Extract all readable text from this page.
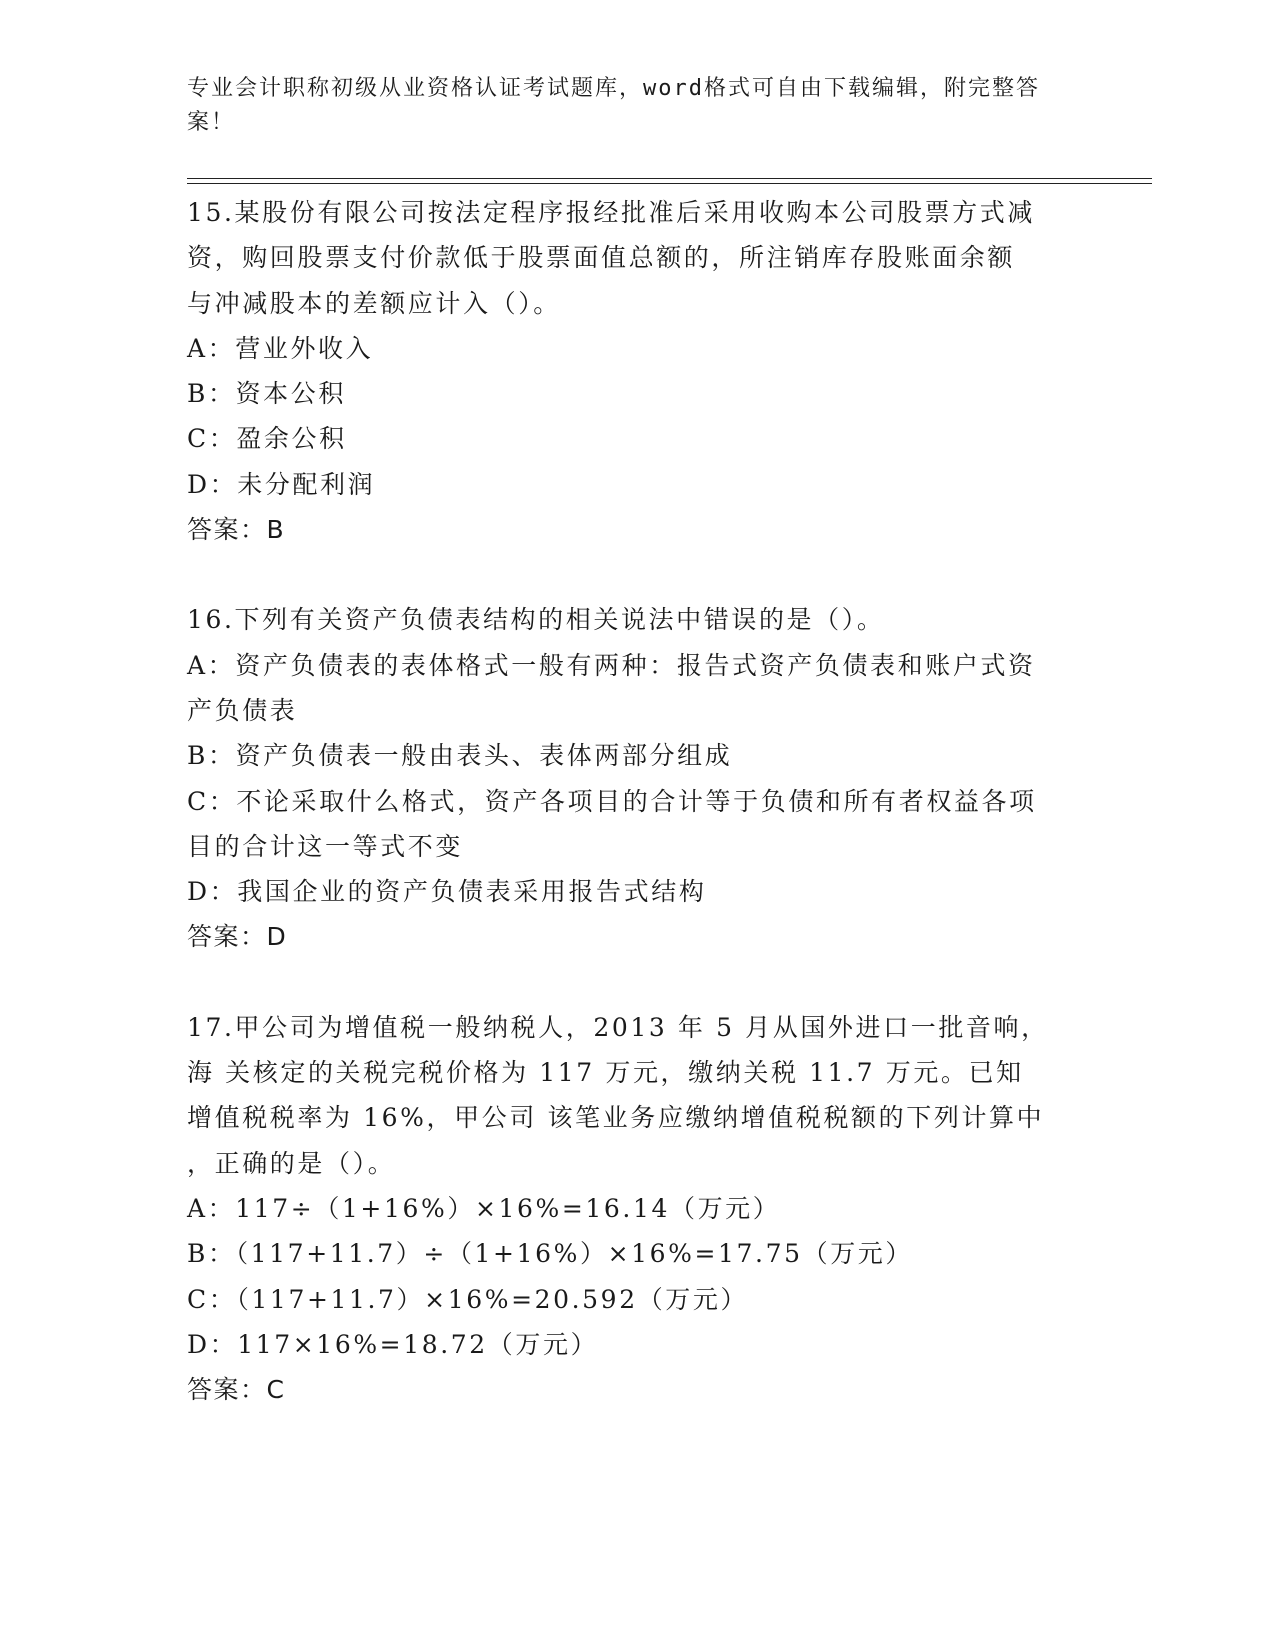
专业会计职称初级从业资格认证考试题库，word格式可自由下载编辑，附完整答
案！
15.某股份有限公司按法定程序报经批准后采用收购本公司股票方式减
资，购回股票支付价款低于股票面值总额的，所注销库存股账面余额
与冲减股本的差额应计入（）。
A：营业外收入
B：资本公积
C：盈余公积
D：未分配利润
答案：B
16.下列有关资产负债表结构的相关说法中错误的是（）。
A：资产负债表的表体格式一般有两种：报告式资产负债表和账户式资
产负债表
B：资产负债表一般由表头、表体两部分组成
C：不论采取什么格式，资产各项目的合计等于负债和所有者权益各项
目的合计这一等式不变
D：我国企业的资产负债表采用报告式结构
答案：D
17.甲公司为增值税一般纳税人，2013 年 5 月从国外进口一批音响，
海 关核定的关税完税价格为 117 万元，缴纳关税 11.7 万元。已知
增值税税率为 16%，甲公司 该笔业务应缴纳增值税税额的下列计算中
，正确的是（）。
A：117÷（1+16%）×16%=16.14（万元）
B：（117+11.7）÷（1+16%）×16%=17.75（万元）
C：（117+11.7）×16%=20.592（万元）
D：117×16%=18.72（万元）
答案：C
